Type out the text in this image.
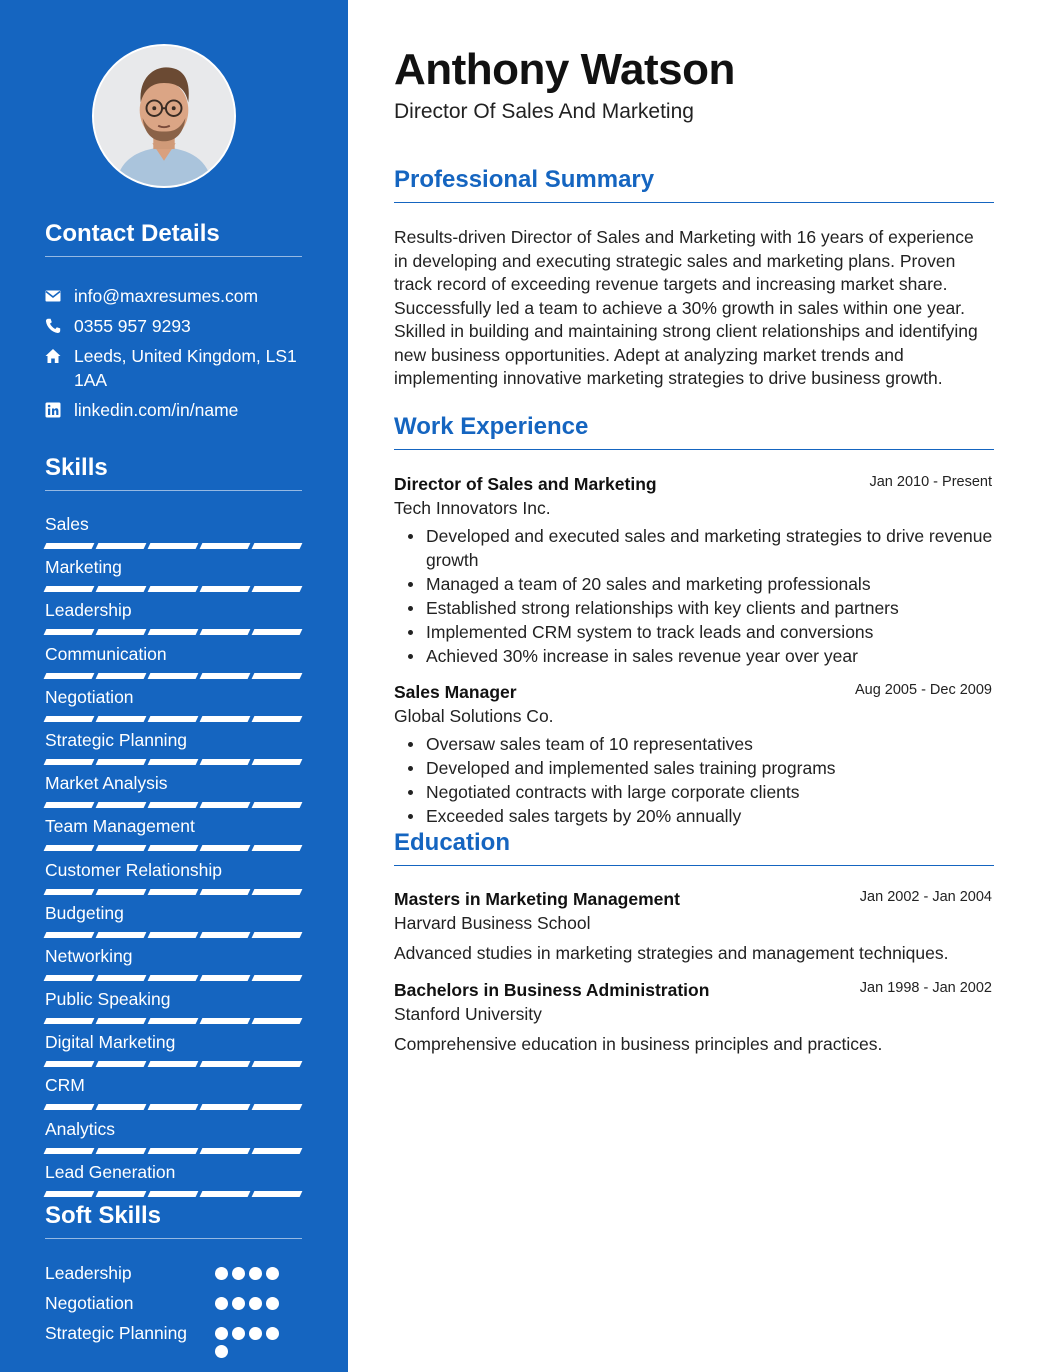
Contact Details
info@maxresumes.com
0355 957 9293
Leeds, United Kingdom, LS1 1AA
linkedin.com/in/name
Skills
Sales
Marketing
Leadership
Communication
Negotiation
Strategic Planning
Market Analysis
Team Management
Customer Relationship
Budgeting
Networking
Public Speaking
Digital Marketing
CRM
Analytics
Lead Generation
Soft Skills
Leadership
Negotiation
Strategic Planning
Anthony Watson
Director Of Sales And Marketing
Professional Summary

Results-driven Director of Sales and Marketing with 16 years of experience in developing and executing strategic sales and marketing plans. Proven track record of exceeding revenue targets and increasing market share. Successfully led a team to achieve a 30% growth in sales within one year. Skilled in building and maintaining strong client relationships and identifying new business opportunities. Adept at analyzing market trends and implementing innovative marketing strategies to drive business growth.

Work Experience
Director of Sales and Marketing	Jan 2010 - Present
Tech Innovators Inc.
Developed and executed sales and marketing strategies to drive revenue growth
Managed a team of 20 sales and marketing professionals
Established strong relationships with key clients and partners
Implemented CRM system to track leads and conversions
Achieved 30% increase in sales revenue year over year
Sales Manager	Aug 2005 - Dec 2009
Global Solutions Co.
Oversaw sales team of 10 representatives
Developed and implemented sales training programs
Negotiated contracts with large corporate clients
Exceeded sales targets by 20% annually
Education
Masters in Marketing Management	Jan 2002 - Jan 2004
Harvard Business School
Advanced studies in marketing strategies and management techniques.
Bachelors in Business Administration	Jan 1998 - Jan 2002
Stanford University
Comprehensive education in business principles and practices.
